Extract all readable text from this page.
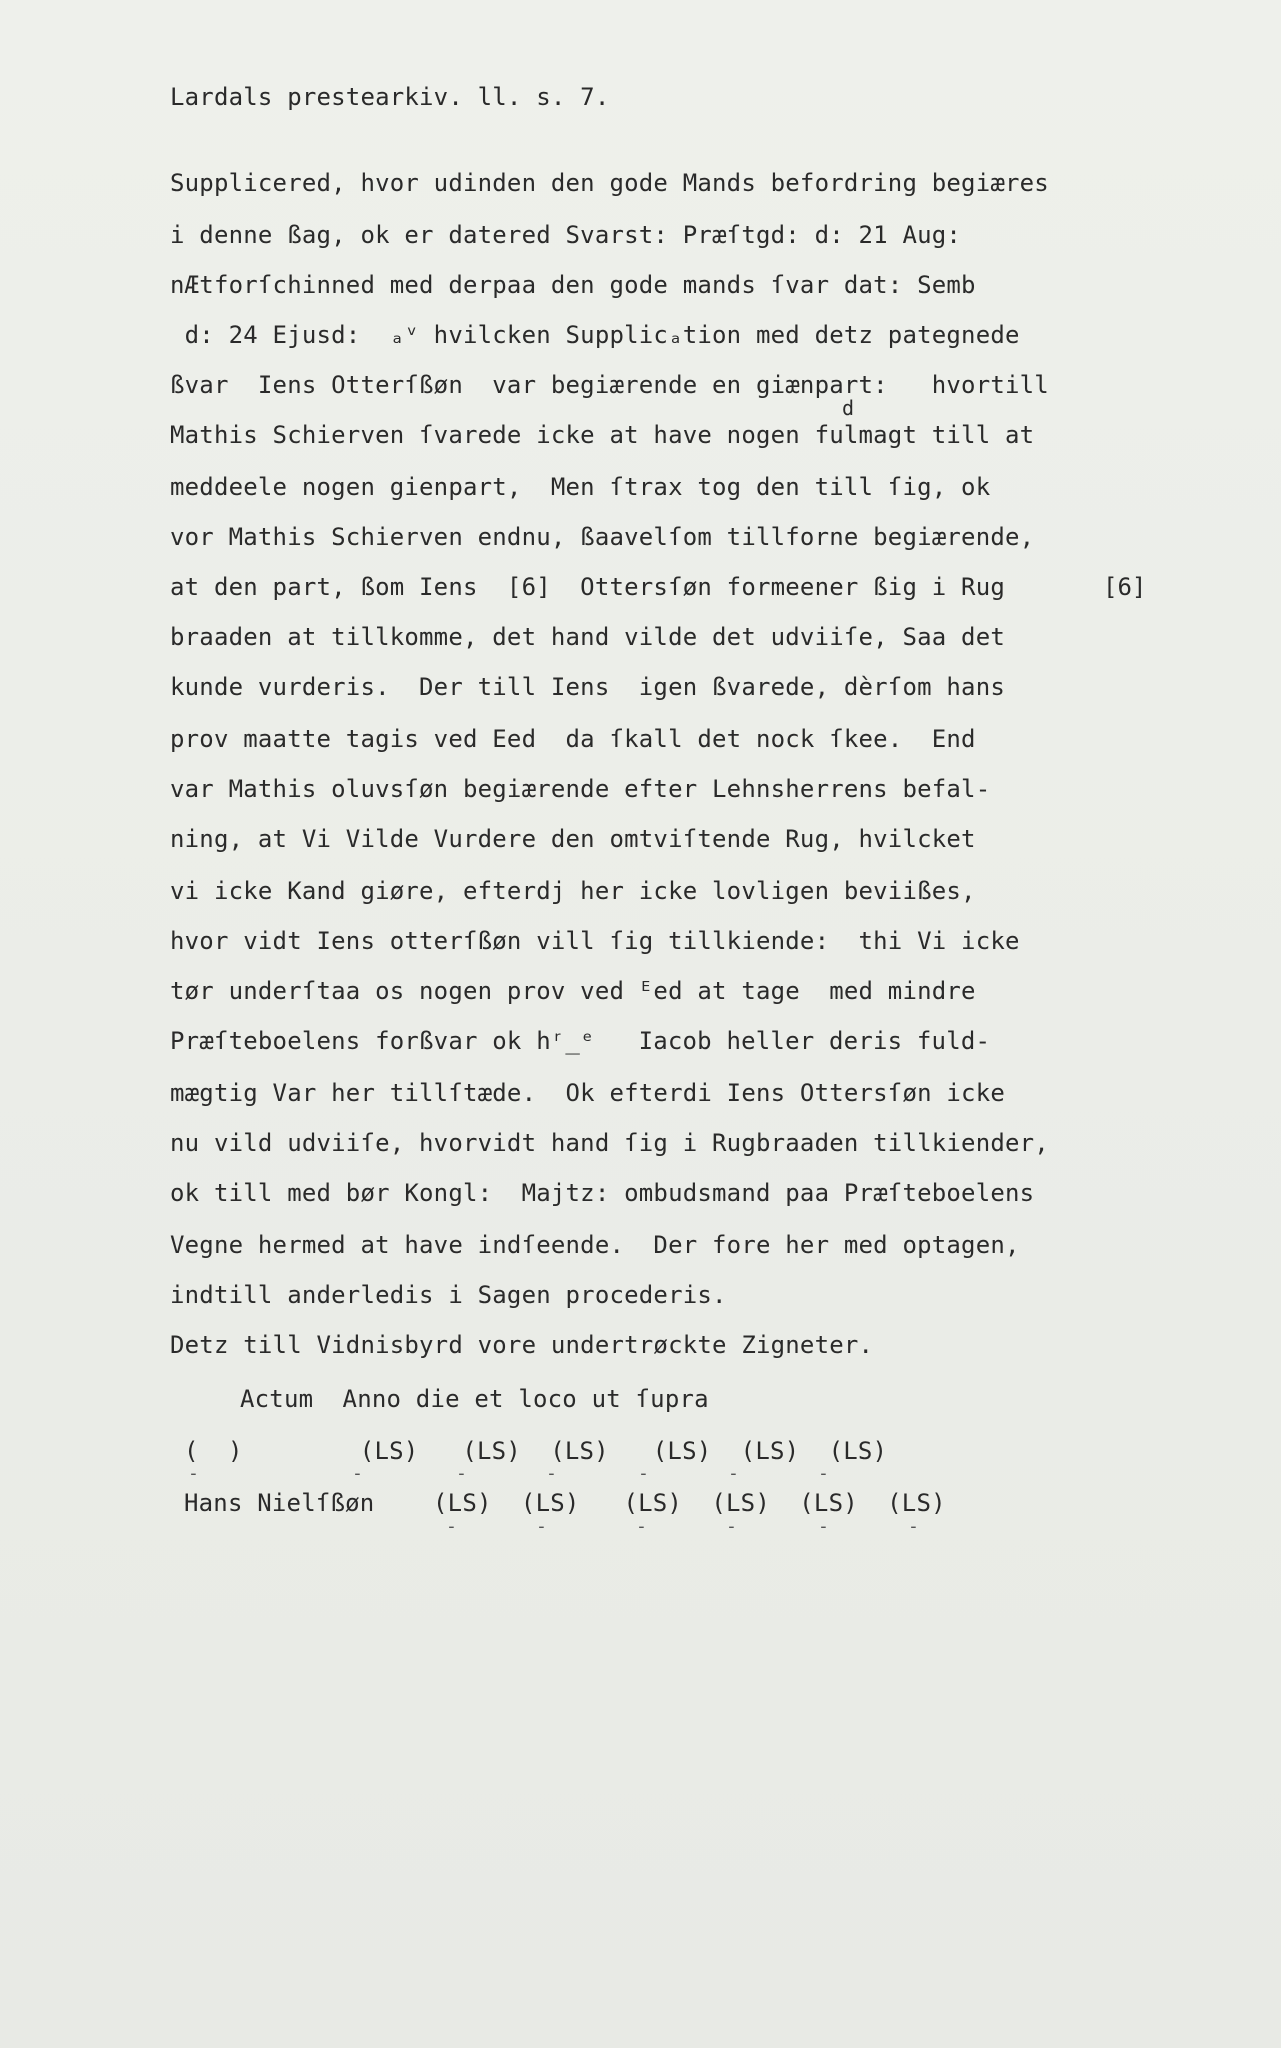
Lardals prestearkiv. ll. s. 7.
Supplicered, hvor udinden den gode Mands befordring begiæres
i denne ßag, ok er datered Svarst: Præſtgd: d: 21 Aug:
nÆtforſchinned med derpaa den gode mands ſvar dat: Semb
d: 24 Ejusd:  ₐᵛ hvilcken Supplicₐtion med detz pategnede
ßvar  Iens Otterſßøn  var begiærende en giænpart:   hvortill
d
Mathis Schierven ſvarede icke at have nogen fulmagt till at
meddeele nogen gienpart,  Men ſtrax tog den till ſig, ok
vor Mathis Schierven endnu, ßaavelſom tillforne begiærende,
at den part, ßom Iens  [6]  Ottersſøn formeener ßig i Rug	[6]
braaden at tillkomme, det hand vilde det udviiſe, Saa det
kunde vurderis.  Der till Iens  igen ßvarede, dèrſom hans
prov maatte tagis ved Eed  da ſkall det nock ſkee.  End
var Mathis oluvsſøn begiærende efter Lehnsherrens befal-
ning, at Vi Vilde Vurdere den omtviſtende Rug, hvilcket
vi icke Kand giøre, efterdj her icke lovligen beviißes,
hvor vidt Iens otterſßøn vill ſig tillkiende:  thi Vi icke
tør underſtaa os nogen prov ved ᴱed at tage  med mindre
Præſteboelens forßvar ok hʳ̲ᵉ   Iacob heller deris fuld-
mægtig Var her tillſtæde.  Ok efterdi Iens Ottersſøn icke
nu vild udviiſe, hvorvidt hand ſig i Rugbraaden tillkiender,
ok till med bør Kongl:  Majtz: ombudsmand paa Præſteboelens
Vegne hermed at have indſeende.  Der fore her med optagen,
indtill anderledis i Sagen procederis.
Detz till Vidnisbyrd vore undertrøckte Zigneter.
Actum  Anno die et loco ut ſupra
(  )        (LS)   (LS)  (LS)   (LS)  (LS)  (LS)
Hans Nielſßøn    (LS)  (LS)   (LS)  (LS)  (LS)  (LS)
-	-	-	-	-	-	-
-	-	-	-	-	-
